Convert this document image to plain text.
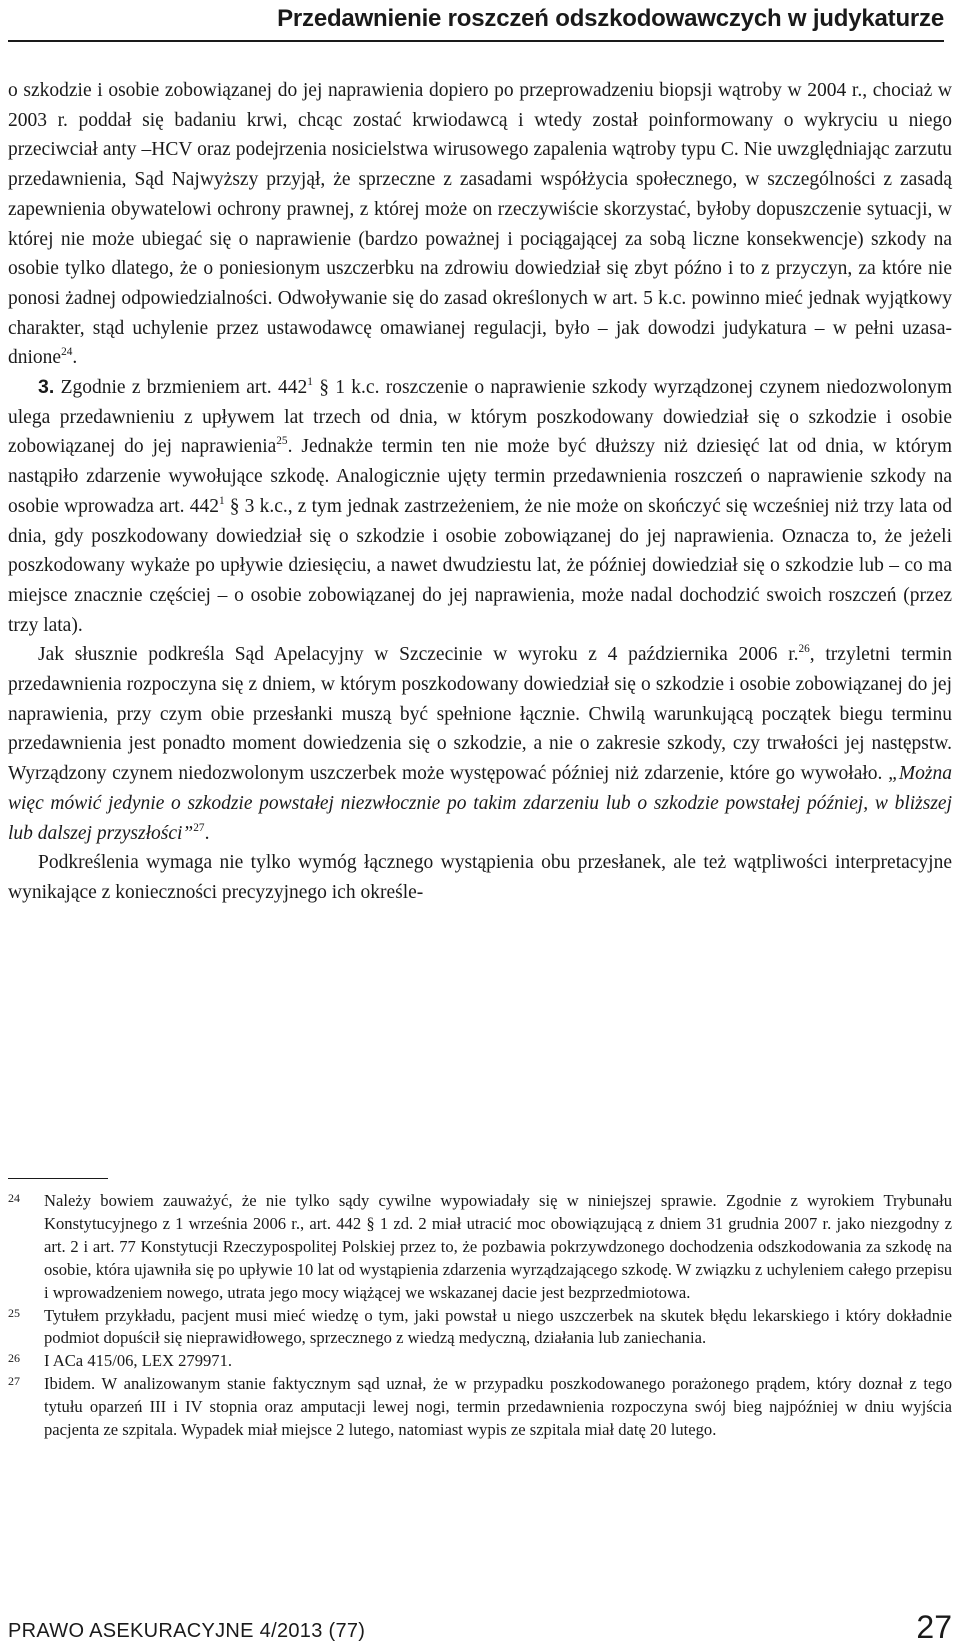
Przedawnienie roszczeń odszkodowawczych w judykaturze

o szkodzie i osobie zobowiązanej do jej naprawienia dopiero po przeprowadzeniu biopsji wątroby w 2004 r., chociaż w 2003 r. poddał się badaniu krwi, chcąc zostać krwiodawcą i wtedy został poinformowany o wykryciu u niego przeciwciał anty –HCV oraz podejrzenia nosicielstwa wirusowego zapalenia wątroby typu C. Nie uwzględniając zarzutu przedawnienia, Sąd Najwyższy przyjął, że sprzeczne z zasadami współżycia społecznego, w szczególności z zasadą zapewnienia obywatelowi ochrony prawnej, z której może on rzeczywiście skorzystać, byłoby dopuszczenie sytuacji, w której nie może ubiegać się o naprawienie (bardzo poważnej i pociągającej za sobą liczne konsekwencje) szkody na osobie tylko dlatego, że o poniesionym uszczerbku na zdrowiu dowiedział się zbyt późno i to z przyczyn, za które nie ponosi żadnej odpowiedzialności. Odwoływanie się do zasad określonych w art. 5 k.c. powinno mieć jednak wyjątkowy charakter, stąd uchylenie przez ustawodawcę omawianej regulacji, było – jak dowodzi judykatura – w pełni uzasadnione$^{24}$.

3. Zgodnie z brzmieniem art. $442^1$ § 1 k.c. roszczenie o naprawienie szkody wyrządzonej czynem niedozwolonym ulega przedawnieniu z upływem lat trzech od dnia, w którym poszkodowany dowiedział się o szkodzie i osobie zobowiązanej do jej naprawienia$^{25}$. Jednakże termin ten nie może być dłuższy niż dziesięć lat od dnia, w którym nastąpiło zdarzenie wywołujące szkodę. Analogicznie ujęty termin przedawnienia roszczeń o naprawienie szkody na osobie wprowadza art. $442^1$ § 3 k.c., z tym jednak zastrzeżeniem, że nie może on skończyć się wcześniej niż trzy lata od dnia, gdy poszkodowany dowiedział się o szkodzie i osobie zobowiązanej do jej naprawienia. Oznacza to, że jeżeli poszkodowany wykaże po upływie dziesięciu, a nawet dwudziestu lat, że później dowiedział się o szkodzie lub – co ma miejsce znacznie częściej – o osobie zobowiązanej do jej naprawienia, może nadal dochodzić swoich roszczeń (przez trzy lata).

Jak słusznie podkreśla Sąd Apelacyjny w Szczecinie w wyroku z 4 października 2006 r.$^{26}$, trzyletni termin przedawnienia rozpoczyna się z dniem, w którym poszkodowany dowiedział się o szkodzie i osobie zobowiązanej do jej naprawienia, przy czym obie przesłanki muszą być spełnione łącznie. Chwilą warunkującą początek biegu terminu przedawnienia jest ponadto moment dowiedzenia się o szkodzie, a nie o zakresie szkody, czy trwałości jej następstw. Wyrządzony czynem niedozwolonym uszczerbek może występować później niż zdarzenie, które go wywołało. „Można więc mówić jedynie o szkodzie powstałej niezwłocznie po takim zdarzeniu lub o szkodzie powstałej później, w bliższej lub dalszej przyszłości”$^{27}$.

Podkreślenia wymaga nie tylko wymóg łącznego wystąpienia obu przesłanek, ale też wątpliwości interpretacyjne wynikające z konieczności precyzyjnego ich określe-

24 Należy bowiem zauważyć, że nie tylko sądy cywilne wypowiadały się w niniejszej sprawie. Zgodnie z wyrokiem Trybunału Konstytucyjnego z 1 września 2006 r., art. 442 § 1 zd. 2 miał utracić moc obowiązującą z dniem 31 grudnia 2007 r. jako niezgodny z art. 2 i art. 77 Konstytucji Rzeczypospolitej Polskiej przez to, że pozbawia pokrzywdzonego dochodzenia odszkodowania za szkodę na osobie, która ujawniła się po upływie 10 lat od wystąpienia zdarzenia wyrządzającego szkodę. W związku z uchyleniem całego przepisu i wprowadzeniem nowego, utrata jego mocy wiążącej we wskazanej dacie jest bezprzedmiotowa.

25 Tytułem przykładu, pacjent musi mieć wiedzę o tym, jaki powstał u niego uszczerbek na skutek błędu lekarskiego i który dokładnie podmiot dopuścił się nieprawidłowego, sprzecznego z wiedzą medyczną, działania lub zaniechania.

26 I ACa 415/06, LEX 279971.

27 Ibidem. W analizowanym stanie faktycznym sąd uznał, że w przypadku poszkodowanego porażonego prądem, który doznał z tego tytułu oparzeń III i IV stopnia oraz amputacji lewej nogi, termin przedawnienia rozpoczyna swój bieg najpóźniej w dniu wyjścia pacjenta ze szpitala. Wypadek miał miejsce 2 lutego, natomiast wypis ze szpitala miał datę 20 lutego.

PRAWO ASEKURACYJNE 4/2013 (77)	27
